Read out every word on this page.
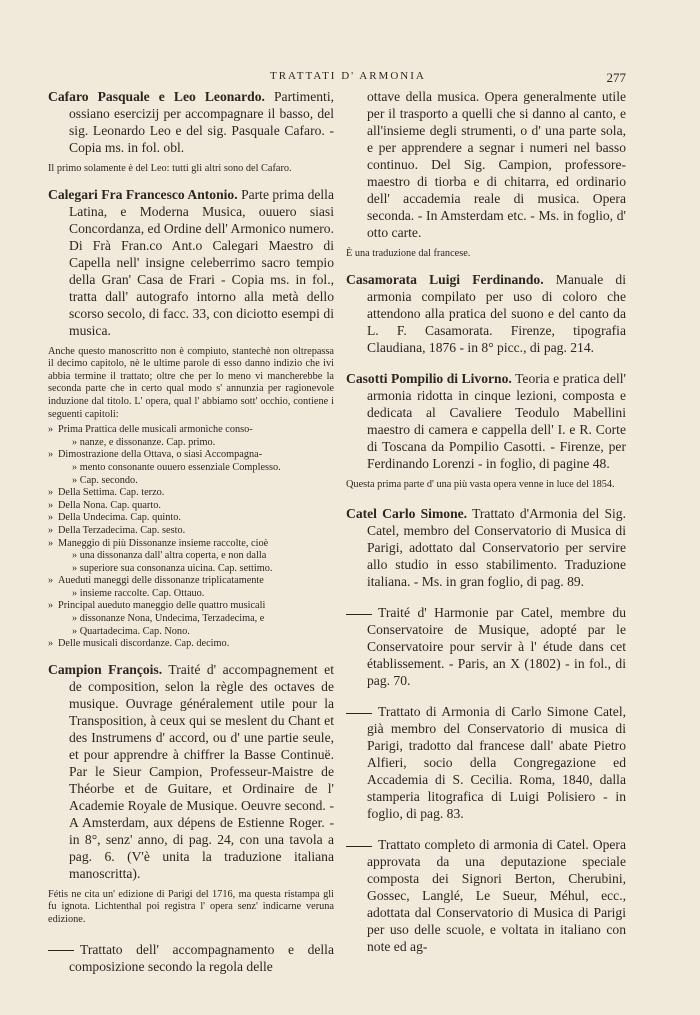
TRATTATI D' ARMONIA	277
Cafaro Pasquale e Leo Leonardo. Partimenti, ossiano esercizij per accompagnare il basso, del sig. Leonardo Leo e del sig. Pasquale Cafaro. - Copia ms. in fol. obl.
Il primo solamente è del Leo: tutti gli altri sono del Cafaro.
Calegari Fra Francesco Antonio. Parte prima della Latina, e Moderna Musica, ouuero siasi Concordanza, ed Ordine dell' Armonico numero. Di Frà Fran.co Ant.o Calegari Maestro di Capella nell' insigne celeberrimo sacro tempio della Gran' Casa de Frari - Copia ms. in fol., tratta dall' autografo intorno alla metà dello scorso secolo, di facc. 33, con diciotto esempi di musica.
Anche questo manoscritto non è compiuto, stantechè non oltrepassa il decimo capitolo, nè le ultime parole di esso danno indizio che ivi abbia termine il trattato; oltre che per lo meno vi mancherebbe la seconda parte che in certo qual modo s' annunzia per ragionevole induzione dal titolo. L' opera, qual l' abbiamo sott' occhio, contiene i seguenti capitoli:
» Prima Prattica delle musicali armoniche conso-
» nanze, e dissonanze. Cap. primo.
» Dimostrazione della Ottava, o siasi Accompagna-
» mento consonante ouuero essenziale Complesso.
» Cap. secondo.
» Della Settima. Cap. terzo.
» Della Nona. Cap. quarto.
» Della Undecima. Cap. quinto.
» Della Terzadecima. Cap. sesto.
» Maneggio di più Dissonanze insieme raccolte, cioè
» una dissonanza dall' altra coperta, e non dalla
» superiore sua consonanza uicina. Cap. settimo.
» Aueduti maneggi delle dissonanze triplicatamente
» insieme raccolte. Cap. Ottauo.
» Principal aueduto maneggio delle quattro musicali
» dissonanze Nona, Undecima, Terzadecima, e
» Quartadecima. Cap. Nono.
» Delle musicali discordanze. Cap. decimo.
Campion François. Traité d' accompagnement et de composition, selon la règle des octaves de musique. Ouvrage généralement utile pour la Transposition, à ceux qui se meslent du Chant et des Instrumens d' accord, ou d' une partie seule, et pour apprendre à chiffrer la Basse Continuë. Par le Sieur Campion, Professeur-Maistre de Théorbe et de Guitare, et Ordinaire de l' Academie Royale de Musique. Oeuvre second. - A Amsterdam, aux dépens de Estienne Roger. - in 8°, senz' anno, di pag. 24, con una tavola a pag. 6. (V'è unita la traduzione italiana manoscritta).
Fétis ne cita un' edizione di Parigi del 1716, ma questa ristampa gli fu ignota. Lichtenthal poi registra l' opera senz' indicarne veruna edizione.
Trattato dell' accompagnamento e della composizione secondo la regola delle
ottave della musica. Opera generalmente utile per il trasporto a quelli che si danno al canto, e all'insieme degli strumenti, o d' una parte sola, e per apprendere a segnar i numeri nel basso continuo. Del Sig. Campion, professore-maestro di tiorba e di chitarra, ed ordinario dell' accademia reale di musica. Opera seconda. - In Amsterdam etc. - Ms. in foglio, d' otto carte.
È una traduzione dal francese.
Casamorata Luigi Ferdinando. Manuale di armonia compilato per uso di coloro che attendono alla pratica del suono e del canto da L. F. Casamorata. Firenze, tipografia Claudiana, 1876 - in 8° picc., di pag. 214.
Casotti Pompilio di Livorno. Teoria e pratica dell' armonia ridotta in cinque lezioni, composta e dedicata al Cavaliere Teodulo Mabellini maestro di camera e cappella dell' I. e R. Corte di Toscana da Pompilio Casotti. - Firenze, per Ferdinando Lorenzi - in foglio, di pagine 48.
Questa prima parte d' una più vasta opera venne in luce del 1854.
Catel Carlo Simone. Trattato d'Armonia del Sig. Catel, membro del Conservatorio di Musica di Parigi, adottato dal Conservatorio per servire allo studio in esso stabilimento. Traduzione italiana. - Ms. in gran foglio, di pag. 89.
Traité d' Harmonie par Catel, membre du Conservatoire de Musique, adopté par le Conservatoire pour servir à l' étude dans cet établissement. - Paris, an X (1802) - in fol., di pag. 70.
Trattato di Armonia di Carlo Simone Catel, già membro del Conservatorio di musica di Parigi, tradotto dal francese dall' abate Pietro Alfieri, socio della Congregazione ed Accademia di S. Cecilia. Roma, 1840, dalla stamperia litografica di Luigi Polisiero - in foglio, di pag. 83.
Trattato completo di armonia di Catel. Opera approvata da una deputazione speciale composta dei Signori Berton, Cherubini, Gossec, Langlé, Le Sueur, Méhul, ecc., adottata dal Conservatorio di Musica di Parigi per uso delle scuole, e voltata in italiano con note ed ag-
